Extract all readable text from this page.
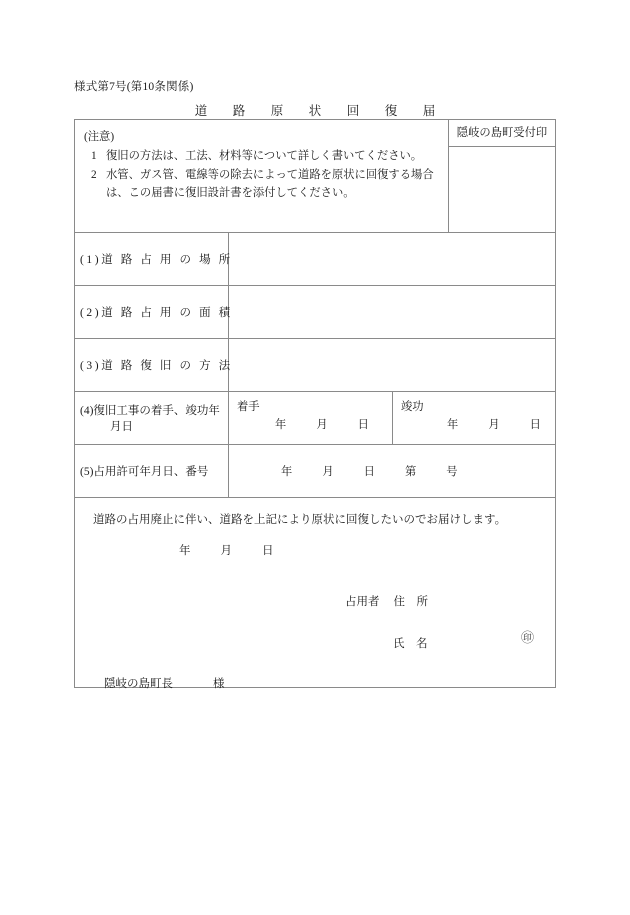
様式第7号(第10条関係)
道　路　原　状　回　復　届
(注意)
1 復旧の方法は、工法、材料等について詳しく書いてください。
2 水管、ガス管、電線等の除去によって道路を原状に回復する場合は、この届書に復旧設計書を添付してください。
隠岐の島町受付印
(1)道 路 占 用 の 場 所
(2)道 路 占 用 の 面 積
(3)道 路 復 旧 の 方 法
(4)復旧工事の着手、竣功年
月日
着手
年	月	日
竣功
年	月	日
(5)占用許可年月日、番号	年	月	日	第	号
道路の占用廃止に伴い、道路を上記により原状に回復したいのでお届けします。
年	月	日
占用者 住　所
氏　名	㊞
隠岐の島町長	様
